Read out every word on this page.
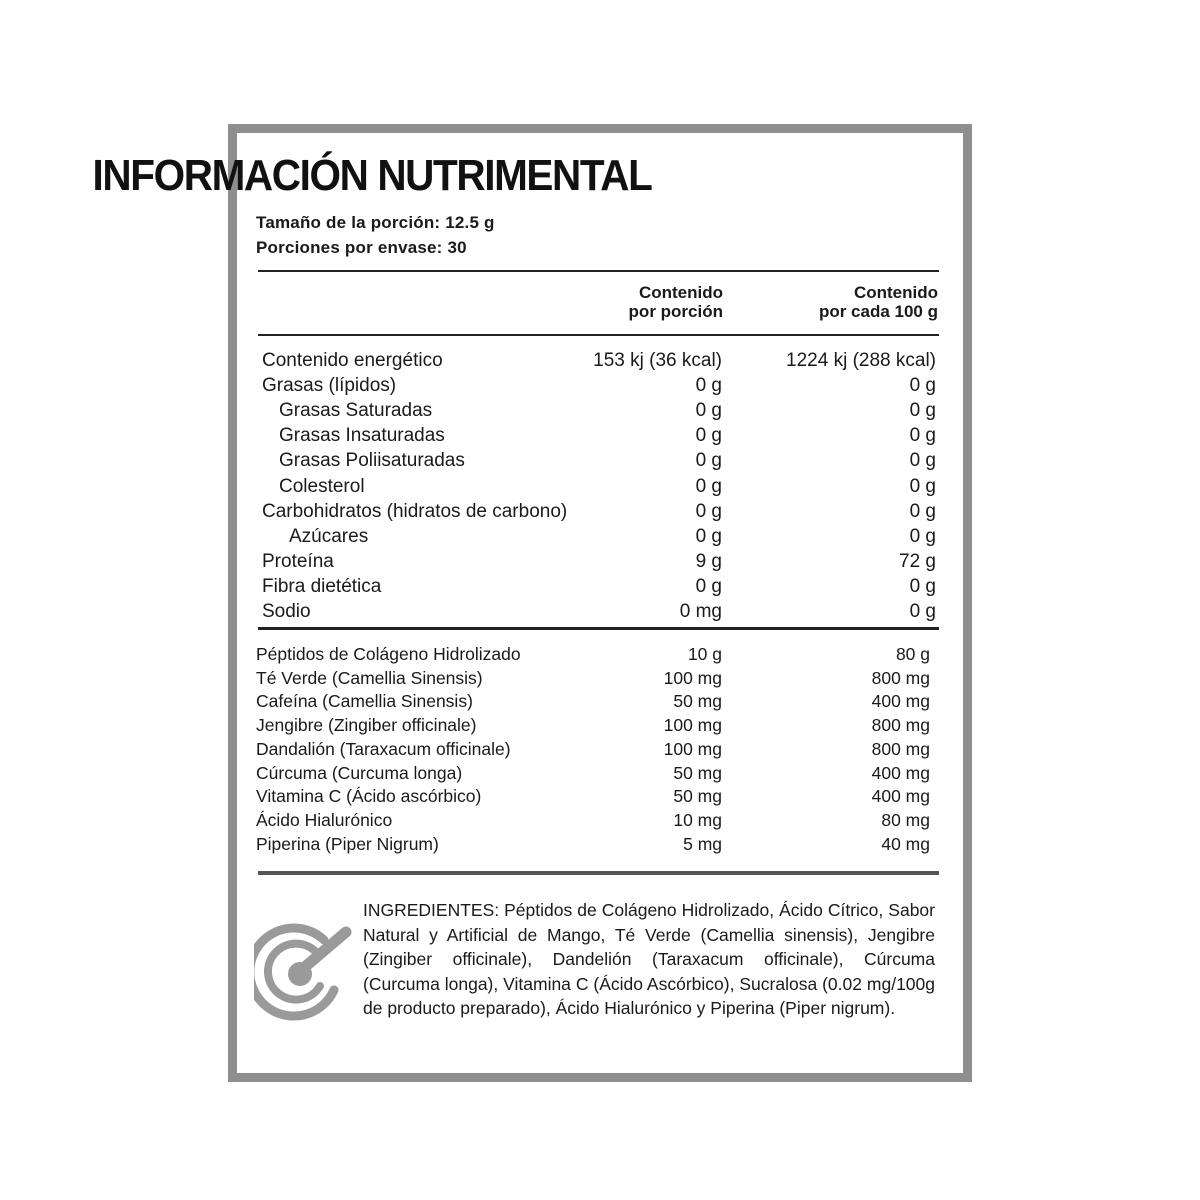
INFORMACIÓN NUTRIMENTAL
Tamaño de la porción: 12.5 g
Porciones por envase: 30
Contenido
por porción
Contenido
por cada 100 g
Contenido energético	153 kj (36 kcal)	1224 kj (288 kcal)
Grasas (lípidos)	0 g	0 g
Grasas Saturadas	0 g	0 g
Grasas Insaturadas	0 g	0 g
Grasas Poliisaturadas	0 g	0 g
Colesterol	0 g	0 g
Carbohidratos (hidratos de carbono)	0 g	0 g
Azúcares	0 g	0 g
Proteína	9 g	72 g
Fibra dietética	0 g	0 g
Sodio	0 mg	0 g
Péptidos de Colágeno Hidrolizado	10 g	80 g
Té Verde (Camellia Sinensis)	100 mg	800 mg
Cafeína (Camellia Sinensis)	50 mg	400 mg
Jengibre (Zingiber officinale)	100 mg	800 mg
Dandalión (Taraxacum officinale)	100 mg	800 mg
Cúrcuma (Curcuma longa)	50 mg	400 mg
Vitamina C (Ácido ascórbico)	50 mg	400 mg
Ácido Hialurónico	10 mg	80 mg
Piperina (Piper Nigrum)	5 mg	40 mg
INGREDIENTES: Péptidos de Colágeno Hidrolizado, Ácido Cítrico, Sabor Natural y Artificial de Mango, Té Verde (Camellia sinensis), Jengibre (Zingiber officinale), Dandelión (Taraxacum officinale), Cúrcuma (Curcuma longa), Vitamina C (Ácido Ascórbico), Sucralosa (0.02 mg/100g de producto preparado), Ácido Hialurónico y Piperina (Piper nigrum).
